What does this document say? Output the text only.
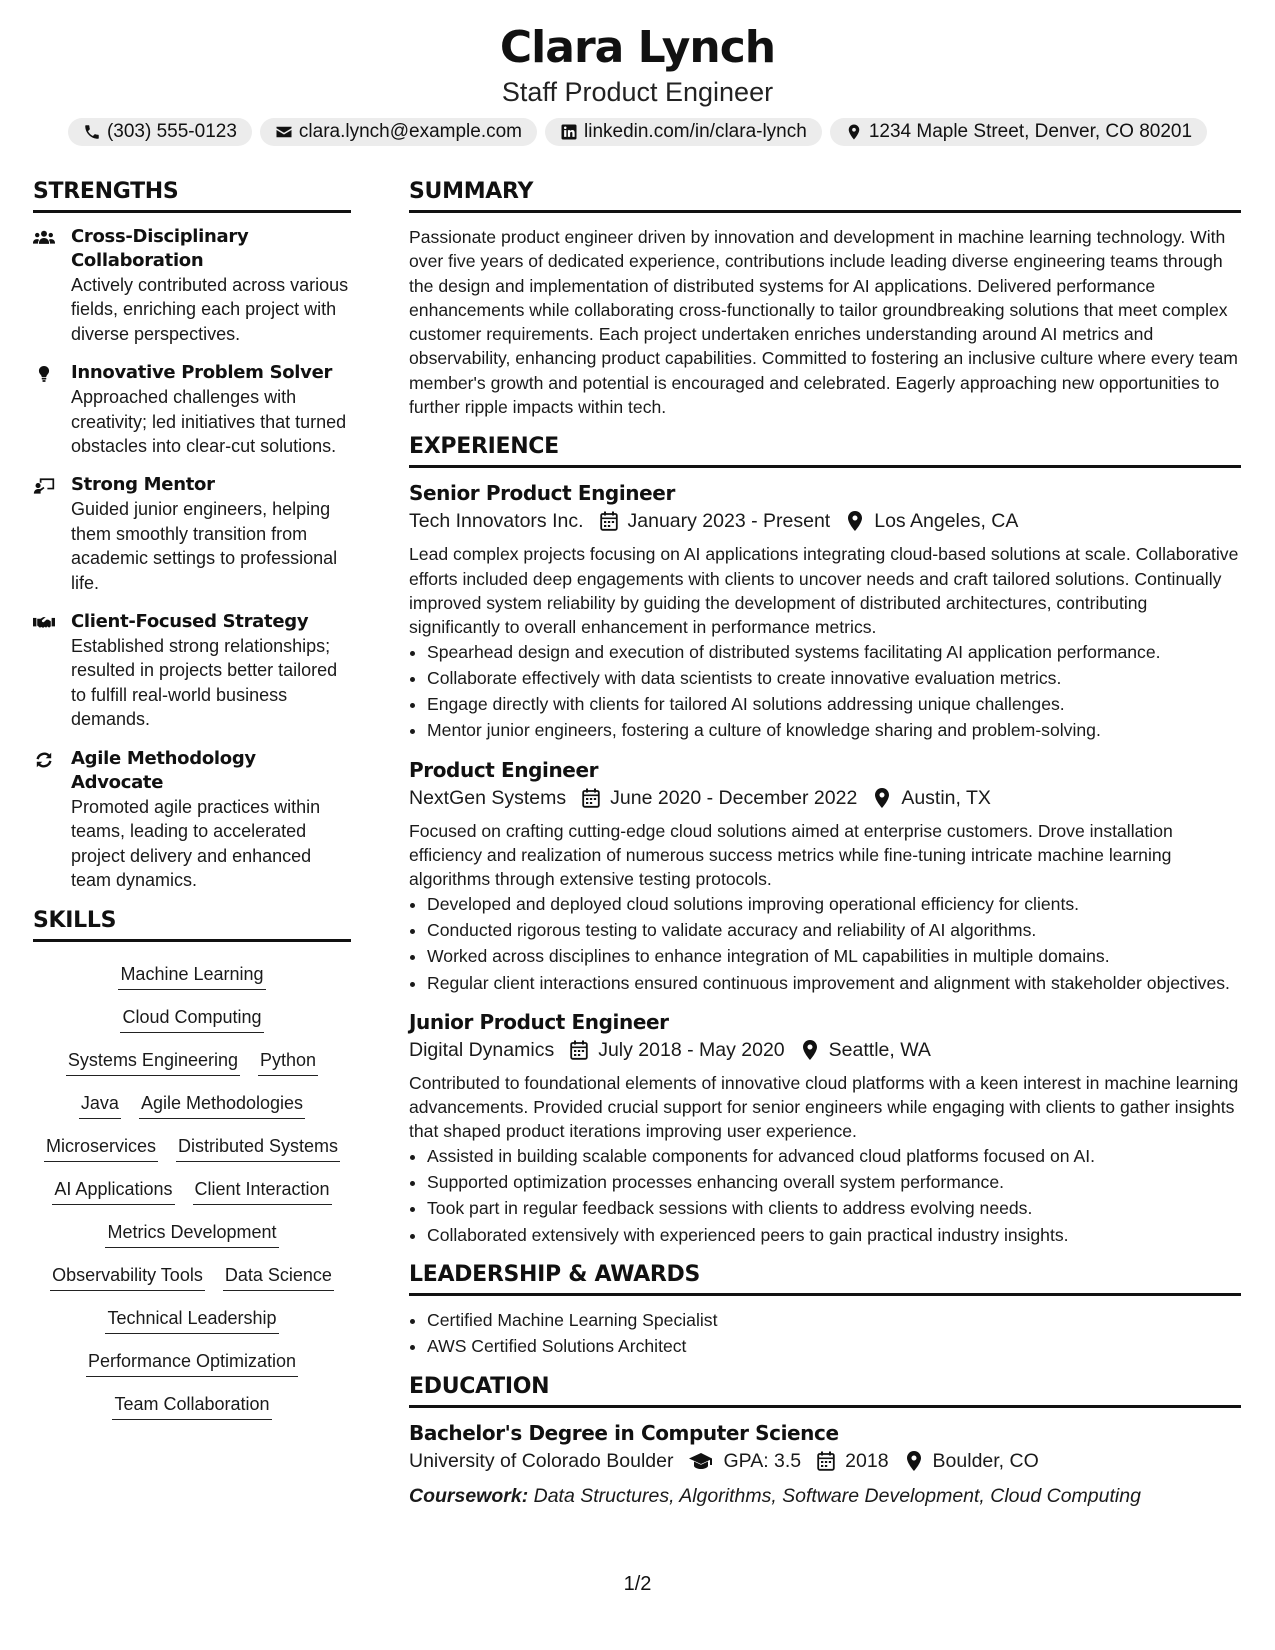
Clara Lynch
Staff Product Engineer
(303) 555-0123	clara.lynch@example.com	linkedin.com/in/clara-lynch	1234 Maple Street, Denver, CO 80201
STRENGTHS
Cross-Disciplinary Collaboration
Actively contributed across various fields, enriching each project with diverse perspectives.
Innovative Problem Solver
Approached challenges with creativity; led initiatives that turned obstacles into clear-cut solutions.
Strong Mentor
Guided junior engineers, helping them smoothly transition from academic settings to professional life.
Client-Focused Strategy
Established strong relationships; resulted in projects better tailored to fulfill real-world business demands.
Agile Methodology Advocate
Promoted agile practices within teams, leading to accelerated project delivery and enhanced team dynamics.
SKILLS
Machine Learning
Cloud Computing
Systems Engineering Python
Java Agile Methodologies
Microservices Distributed Systems
AI Applications Client Interaction
Metrics Development
Observability Tools Data Science
Technical Leadership
Performance Optimization
Team Collaboration
SUMMARY
Passionate product engineer driven by innovation and development in machine learning technology. With over five years of dedicated experience, contributions include leading diverse engineering teams through the design and implementation of distributed systems for AI applications. Delivered performance enhancements while collaborating cross-functionally to tailor groundbreaking solutions that meet complex customer requirements. Each project undertaken enriches understanding around AI metrics and observability, enhancing product capabilities. Committed to fostering an inclusive culture where every team member's growth and potential is encouraged and celebrated. Eagerly approaching new opportunities to further ripple impacts within tech.
EXPERIENCE
Senior Product Engineer
Tech Innovators Inc. January 2023 - Present Los Angeles, CA
Lead complex projects focusing on AI applications integrating cloud-based solutions at scale. Collaborative efforts included deep engagements with clients to uncover needs and craft tailored solutions. Continually improved system reliability by guiding the development of distributed architectures, contributing significantly to overall enhancement in performance metrics.
• Spearhead design and execution of distributed systems facilitating AI application performance.
• Collaborate effectively with data scientists to create innovative evaluation metrics.
• Engage directly with clients for tailored AI solutions addressing unique challenges.
• Mentor junior engineers, fostering a culture of knowledge sharing and problem-solving.
Product Engineer
NextGen Systems June 2020 - December 2022 Austin, TX
Focused on crafting cutting-edge cloud solutions aimed at enterprise customers. Drove installation efficiency and realization of numerous success metrics while fine-tuning intricate machine learning algorithms through extensive testing protocols.
• Developed and deployed cloud solutions improving operational efficiency for clients.
• Conducted rigorous testing to validate accuracy and reliability of AI algorithms.
• Worked across disciplines to enhance integration of ML capabilities in multiple domains.
• Regular client interactions ensured continuous improvement and alignment with stakeholder objectives.
Junior Product Engineer
Digital Dynamics July 2018 - May 2020 Seattle, WA
Contributed to foundational elements of innovative cloud platforms with a keen interest in machine learning advancements. Provided crucial support for senior engineers while engaging with clients to gather insights that shaped product iterations improving user experience.
• Assisted in building scalable components for advanced cloud platforms focused on AI.
• Supported optimization processes enhancing overall system performance.
• Took part in regular feedback sessions with clients to address evolving needs.
• Collaborated extensively with experienced peers to gain practical industry insights.
LEADERSHIP & AWARDS
• Certified Machine Learning Specialist
• AWS Certified Solutions Architect
EDUCATION
Bachelor's Degree in Computer Science
University of Colorado Boulder	GPA: 3.5 2018 Boulder, CO
Coursework: Data Structures, Algorithms, Software Development, Cloud Computing
1/2
